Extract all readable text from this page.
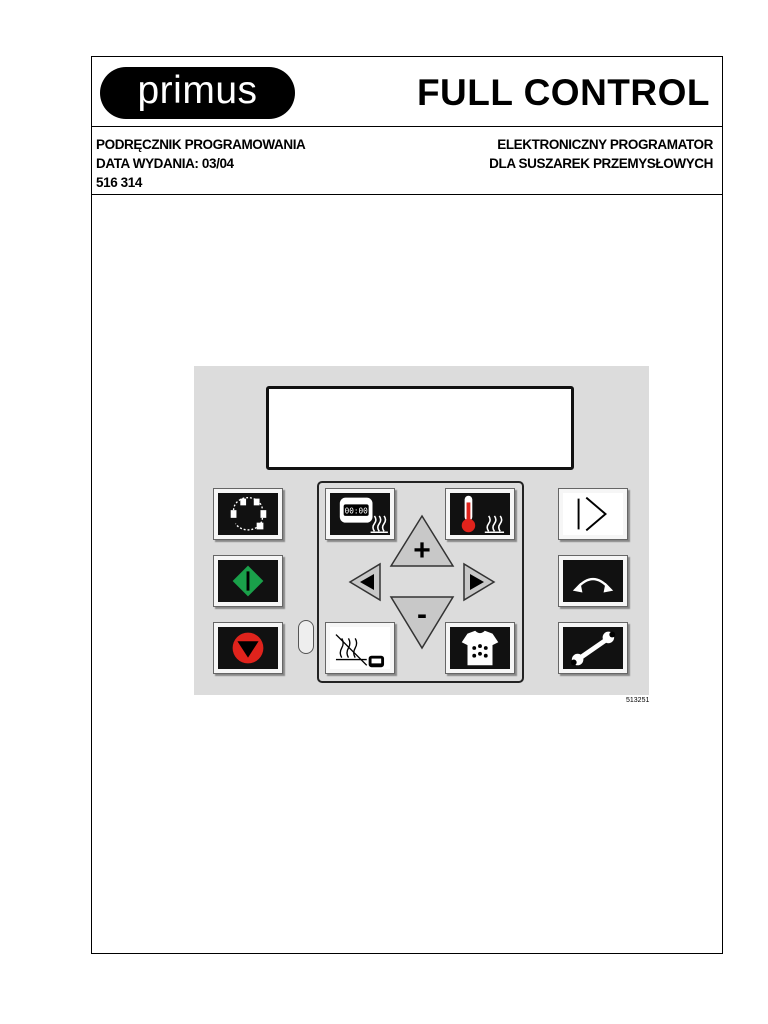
primus	FULL CONTROL
PODRĘCZNIK PROGRAMOWANIA
DATA WYDANIA: 03/04
516 314
ELEKTRONICZNY PROGRAMATOR
DLA SUSZAREK PRZEMYSŁOWYCH
00:00
+
-
513251
